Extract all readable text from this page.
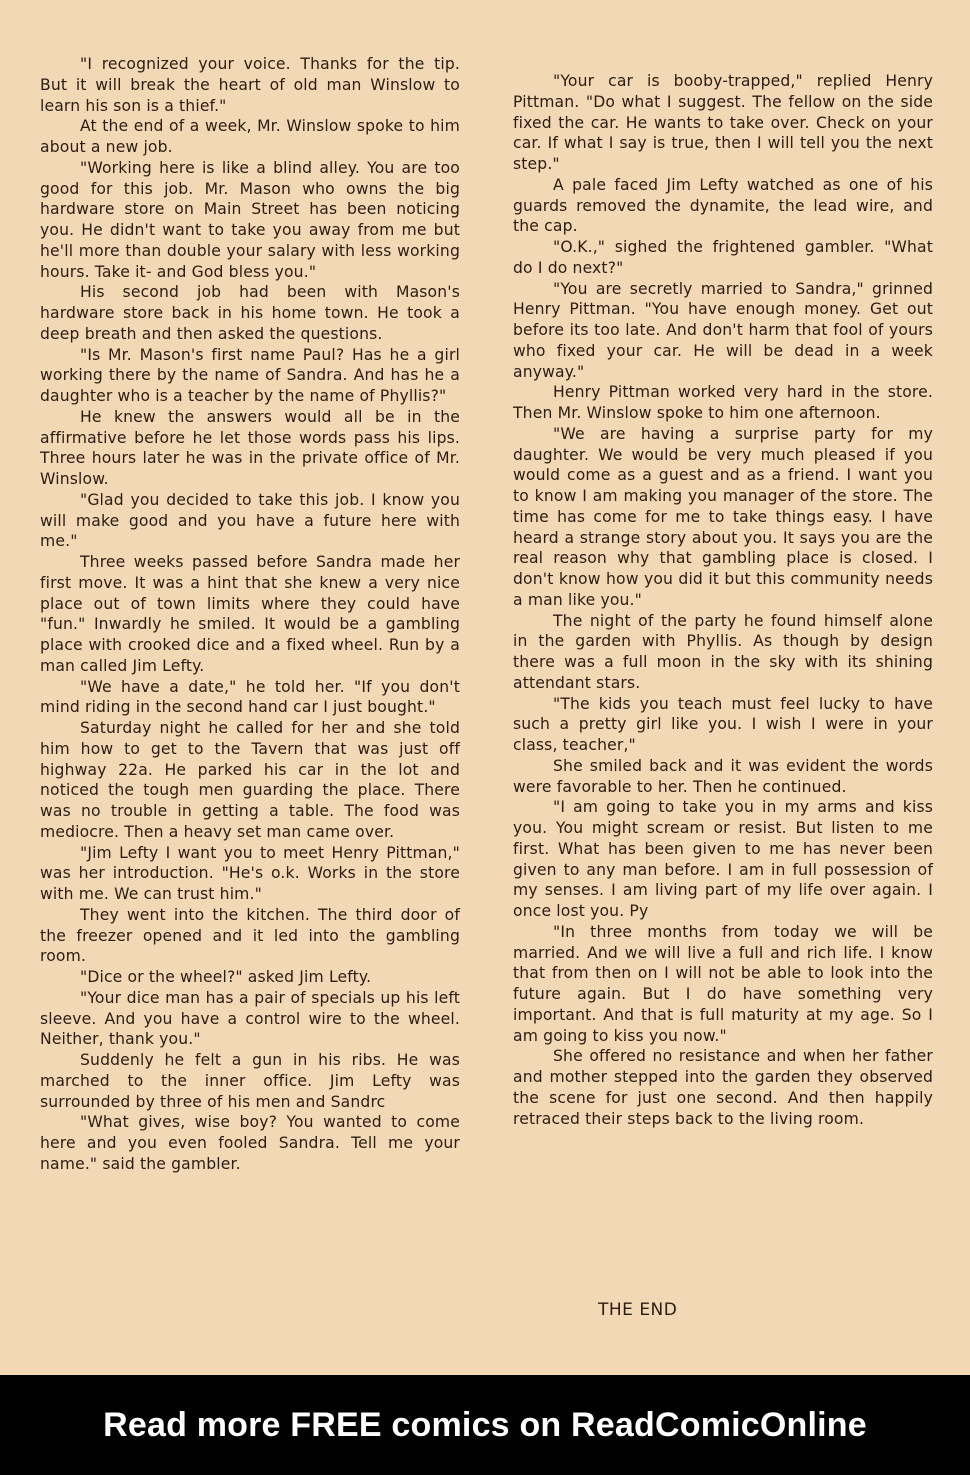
"I recognized your voice. Thanks for the tip. But it will break the heart of old man Winslow to learn his son is a thief."

At the end of a week, Mr. Winslow spoke to him about a new job.

"Working here is like a blind alley. You are too good for this job. Mr. Mason who owns the big hardware store on Main Street has been noticing you. He didn't want to take you away from me but he'll more than double your salary with less working hours. Take it- and God bless you."

His second job had been with Mason's hardware store back in his home town. He took a deep breath and then asked the questions.

"Is Mr. Mason's first name Paul? Has he a girl working there by the name of Sandra. And has he a daughter who is a teacher by the name of Phyllis?"

He knew the answers would all be in the affirmative before he let those words pass his lips. Three hours later he was in the private office of Mr. Winslow.

"Glad you decided to take this job. I know you will make good and you have a future here with me."

Three weeks passed before Sandra made her first move. It was a hint that she knew a very nice place out of town limits where they could have "fun." Inwardly he smiled. It would be a gambling place with crooked dice and a fixed wheel. Run by a man called Jim Lefty.

"We have a date," he told her. "If you don't mind riding in the second hand car I just bought."

Saturday night he called for her and she told him how to get to the Tavern that was just off highway 22a. He parked his car in the lot and noticed the tough men guarding the place. There was no trouble in getting a table. The food was mediocre. Then a heavy set man came over.

"Jim Lefty I want you to meet Henry Pittman," was her introduction. "He's o.k. Works in the store with me. We can trust him."

They went into the kitchen. The third door of the freezer opened and it led into the gambling room.

"Dice or the wheel?" asked Jim Lefty.

"Your dice man has a pair of specials up his left sleeve. And you have a control wire to the wheel. Neither, thank you."

Suddenly he felt a gun in his ribs. He was marched to the inner office. Jim Lefty was surrounded by three of his men and Sandrc

"What gives, wise boy? You wanted to come here and you even fooled Sandra. Tell me your name." said the gambler.

"Your car is booby-trapped," replied Henry Pittman. "Do what I suggest. The fellow on the side fixed the car. He wants to take over. Check on your car. If what I say is true, then I will tell you the next step."

A pale faced Jim Lefty watched as one of his guards removed the dynamite, the lead wire, and the cap.

"O.K.," sighed the frightened gambler. "What do I do next?"

"You are secretly married to Sandra," grinned Henry Pittman. "You have enough money. Get out before its too late. And don't harm that fool of yours who fixed your car. He will be dead in a week anyway."

Henry Pittman worked very hard in the store. Then Mr. Winslow spoke to him one afternoon.

"We are having a surprise party for my daughter. We would be very much pleased if you would come as a guest and as a friend. I want you to know I am making you manager of the store. The time has come for me to take things easy. I have heard a strange story about you. It says you are the real reason why that gambling place is closed. I don't know how you did it but this community needs a man like you."

The night of the party he found himself alone in the garden with Phyllis. As though by design there was a full moon in the sky with its shining attendant stars.

"The kids you teach must feel lucky to have such a pretty girl like you. I wish I were in your class, teacher,"

She smiled back and it was evident the words were favorable to her. Then he continued.

"I am going to take you in my arms and kiss you. You might scream or resist. But listen to me first. What has been given to me has never been given to any man before. I am in full possession of my senses. I am living part of my life over again. I once lost you. Py

"In three months from today we will be married. And we will live a full and rich life. I know that from then on I will not be able to look into the future again. But I do have something very important. And that is full maturity at my age. So I am going to kiss you now."

She offered no resistance and when her father and mother stepped into the garden they observed the scene for just one second. And then happily retraced their steps back to the living room.

THE END
Read more FREE comics on ReadComicOnline
